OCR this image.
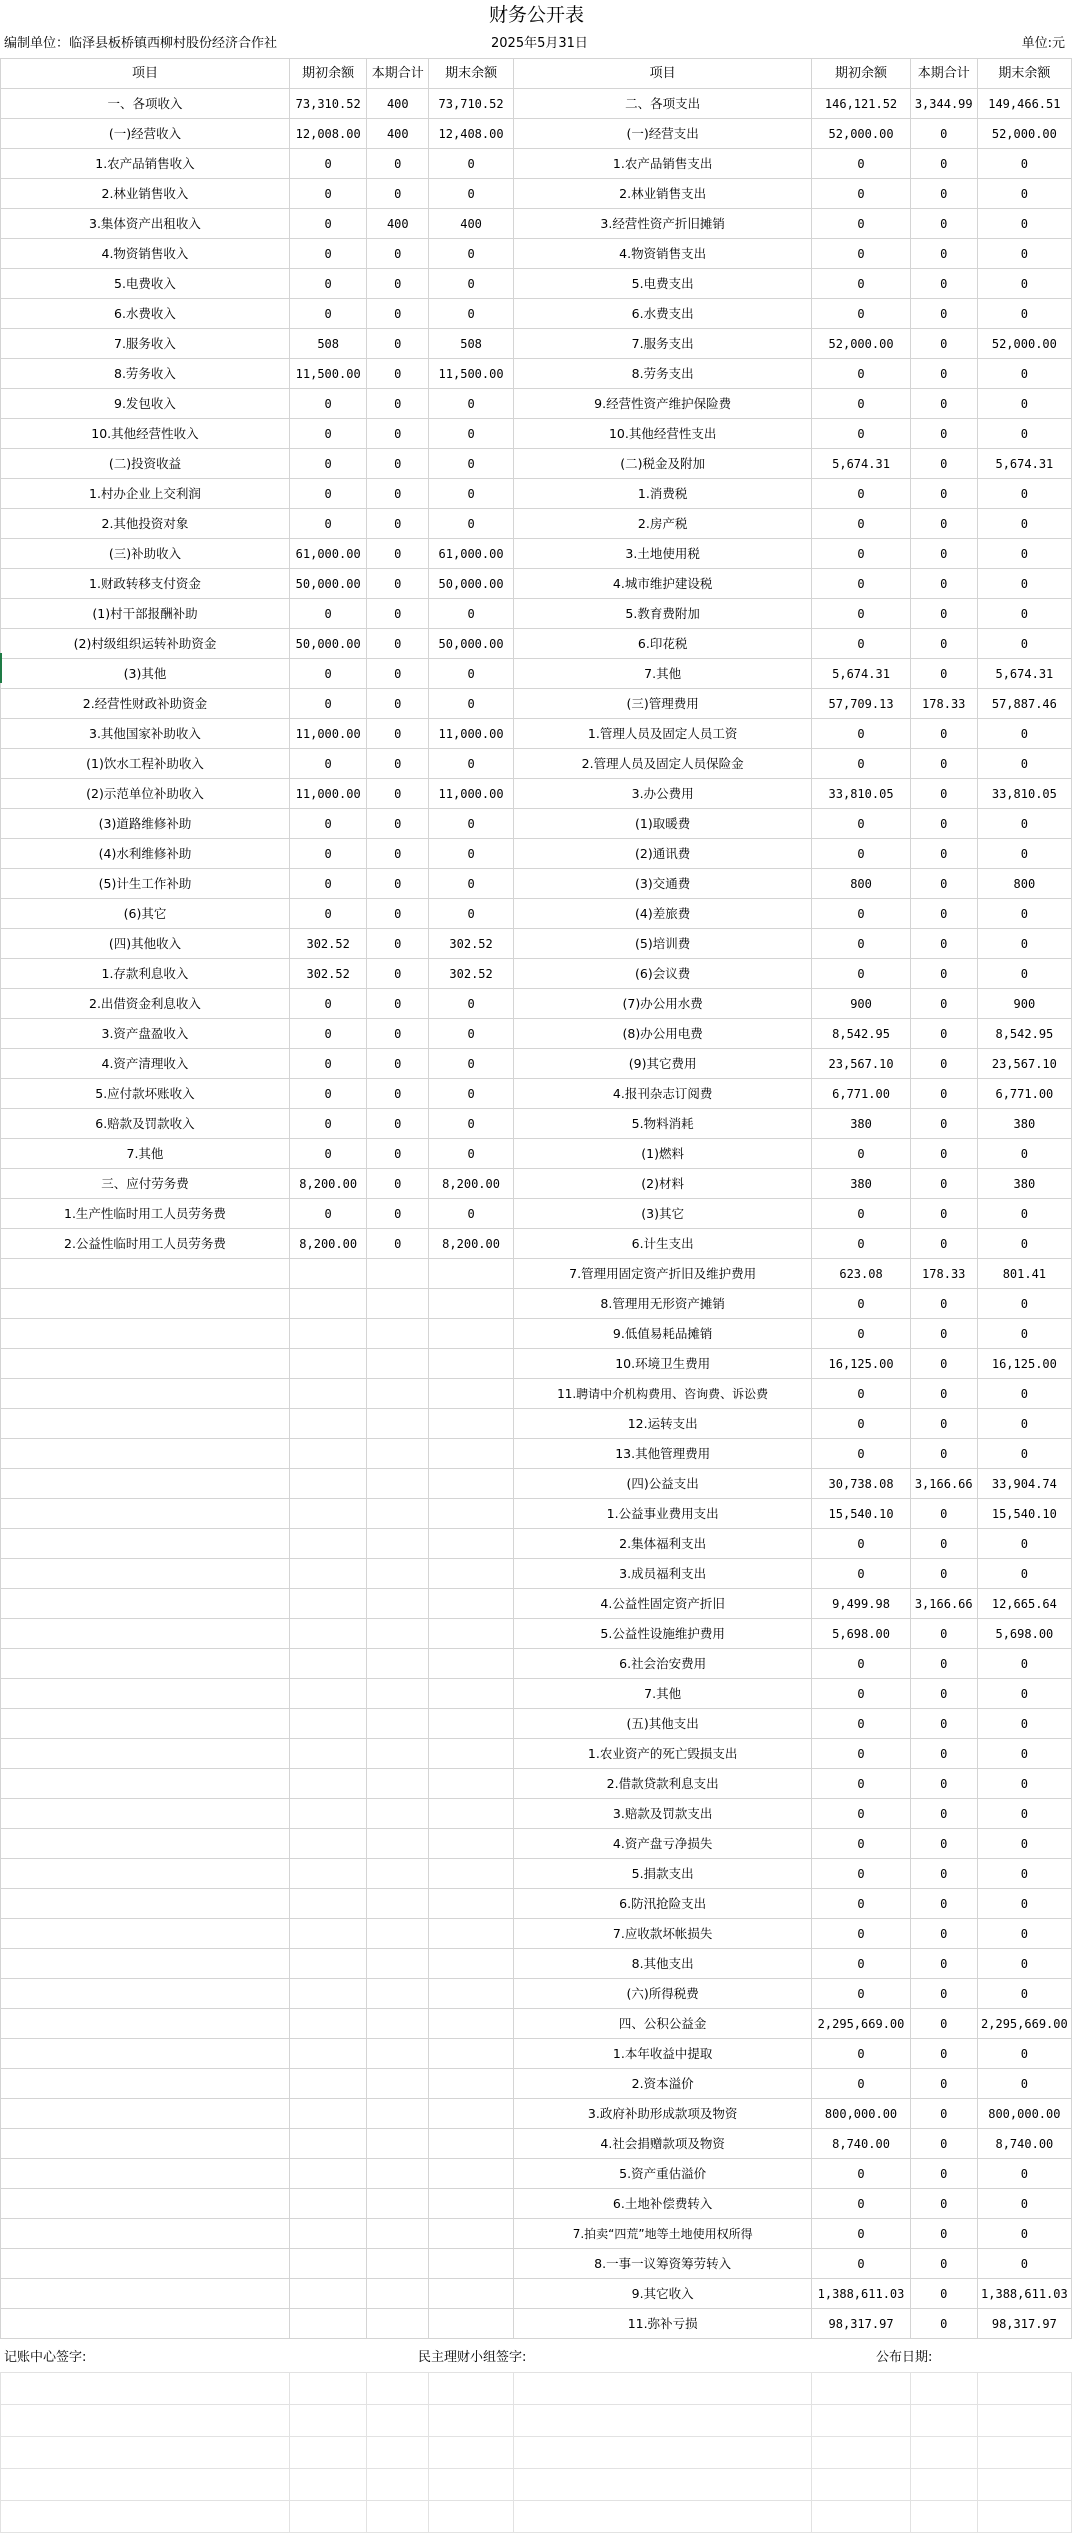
财务公开表
编制单位：临泽县板桥镇西柳村股份经济合作社	2025年5月31日	单位:元
项目	期初余额	本期合计	期末余额	项目	期初余额	本期合计	期末余额
一、各项收入	73,310.52	400	73,710.52	二、各项支出	146,121.52	3,344.99	149,466.51
(一)经营收入	12,008.00	400	12,408.00	(一)经营支出	52,000.00	0	52,000.00
1.农产品销售收入	0	0	0	1.农产品销售支出	0	0	0
2.林业销售收入	0	0	0	2.林业销售支出	0	0	0
3.集体资产出租收入	0	400	400	3.经营性资产折旧摊销	0	0	0
4.物资销售收入	0	0	0	4.物资销售支出	0	0	0
5.电费收入	0	0	0	5.电费支出	0	0	0
6.水费收入	0	0	0	6.水费支出	0	0	0
7.服务收入	508	0	508	7.服务支出	52,000.00	0	52,000.00
8.劳务收入	11,500.00	0	11,500.00	8.劳务支出	0	0	0
9.发包收入	0	0	0	9.经营性资产维护保险费	0	0	0
10.其他经营性收入	0	0	0	10.其他经营性支出	0	0	0
(二)投资收益	0	0	0	(二)税金及附加	5,674.31	0	5,674.31
1.村办企业上交利润	0	0	0	1.消费税	0	0	0
2.其他投资对象	0	0	0	2.房产税	0	0	0
(三)补助收入	61,000.00	0	61,000.00	3.土地使用税	0	0	0
1.财政转移支付资金	50,000.00	0	50,000.00	4.城市维护建设税	0	0	0
(1)村干部报酬补助	0	0	0	5.教育费附加	0	0	0
(2)村级组织运转补助资金	50,000.00	0	50,000.00	6.印花税	0	0	0
(3)其他	0	0	0	7.其他	5,674.31	0	5,674.31
2.经营性财政补助资金	0	0	0	(三)管理费用	57,709.13	178.33	57,887.46
3.其他国家补助收入	11,000.00	0	11,000.00	1.管理人员及固定人员工资	0	0	0
(1)饮水工程补助收入	0	0	0	2.管理人员及固定人员保险金	0	0	0
(2)示范单位补助收入	11,000.00	0	11,000.00	3.办公费用	33,810.05	0	33,810.05
(3)道路维修补助	0	0	0	(1)取暖费	0	0	0
(4)水利维修补助	0	0	0	(2)通讯费	0	0	0
(5)计生工作补助	0	0	0	(3)交通费	800	0	800
(6)其它	0	0	0	(4)差旅费	0	0	0
(四)其他收入	302.52	0	302.52	(5)培训费	0	0	0
1.存款利息收入	302.52	0	302.52	(6)会议费	0	0	0
2.出借资金利息收入	0	0	0	(7)办公用水费	900	0	900
3.资产盘盈收入	0	0	0	(8)办公用电费	8,542.95	0	8,542.95
4.资产清理收入	0	0	0	(9)其它费用	23,567.10	0	23,567.10
5.应付款坏账收入	0	0	0	4.报刊杂志订阅费	6,771.00	0	6,771.00
6.赔款及罚款收入	0	0	0	5.物料消耗	380	0	380
7.其他	0	0	0	(1)燃料	0	0	0
三、应付劳务费	8,200.00	0	8,200.00	(2)材料	380	0	380
1.生产性临时用工人员劳务费	0	0	0	(3)其它	0	0	0
2.公益性临时用工人员劳务费	8,200.00	0	8,200.00	6.计生支出	0	0	0
				7.管理用固定资产折旧及维护费用	623.08	178.33	801.41
				8.管理用无形资产摊销	0	0	0
				9.低值易耗品摊销	0	0	0
				10.环境卫生费用	16,125.00	0	16,125.00
				11.聘请中介机构费用、咨询费、诉讼费	0	0	0
				12.运转支出	0	0	0
				13.其他管理费用	0	0	0
				(四)公益支出	30,738.08	3,166.66	33,904.74
				1.公益事业费用支出	15,540.10	0	15,540.10
				2.集体福利支出	0	0	0
				3.成员福利支出	0	0	0
				4.公益性固定资产折旧	9,499.98	3,166.66	12,665.64
				5.公益性设施维护费用	5,698.00	0	5,698.00
				6.社会治安费用	0	0	0
				7.其他	0	0	0
				(五)其他支出	0	0	0
				1.农业资产的死亡毁损支出	0	0	0
				2.借款贷款利息支出	0	0	0
				3.赔款及罚款支出	0	0	0
				4.资产盘亏净损失	0	0	0
				5.捐款支出	0	0	0
				6.防汛抢险支出	0	0	0
				7.应收款坏帐损失	0	0	0
				8.其他支出	0	0	0
				(六)所得税费	0	0	0
				四、公积公益金	2,295,669.00	0	2,295,669.00
				1.本年收益中提取	0	0	0
				2.资本溢价	0	0	0
				3.政府补助形成款项及物资	800,000.00	0	800,000.00
				4.社会捐赠款项及物资	8,740.00	0	8,740.00
				5.资产重估溢价	0	0	0
				6.土地补偿费转入	0	0	0
				7.拍卖“四荒”地等土地使用权所得	0	0	0
				8.一事一议筹资筹劳转入	0	0	0
				9.其它收入	1,388,611.03	0	1,388,611.03
				11.弥补亏损	98,317.97	0	98,317.97
记账中心签字:	民主理财小组签字:	公布日期:
